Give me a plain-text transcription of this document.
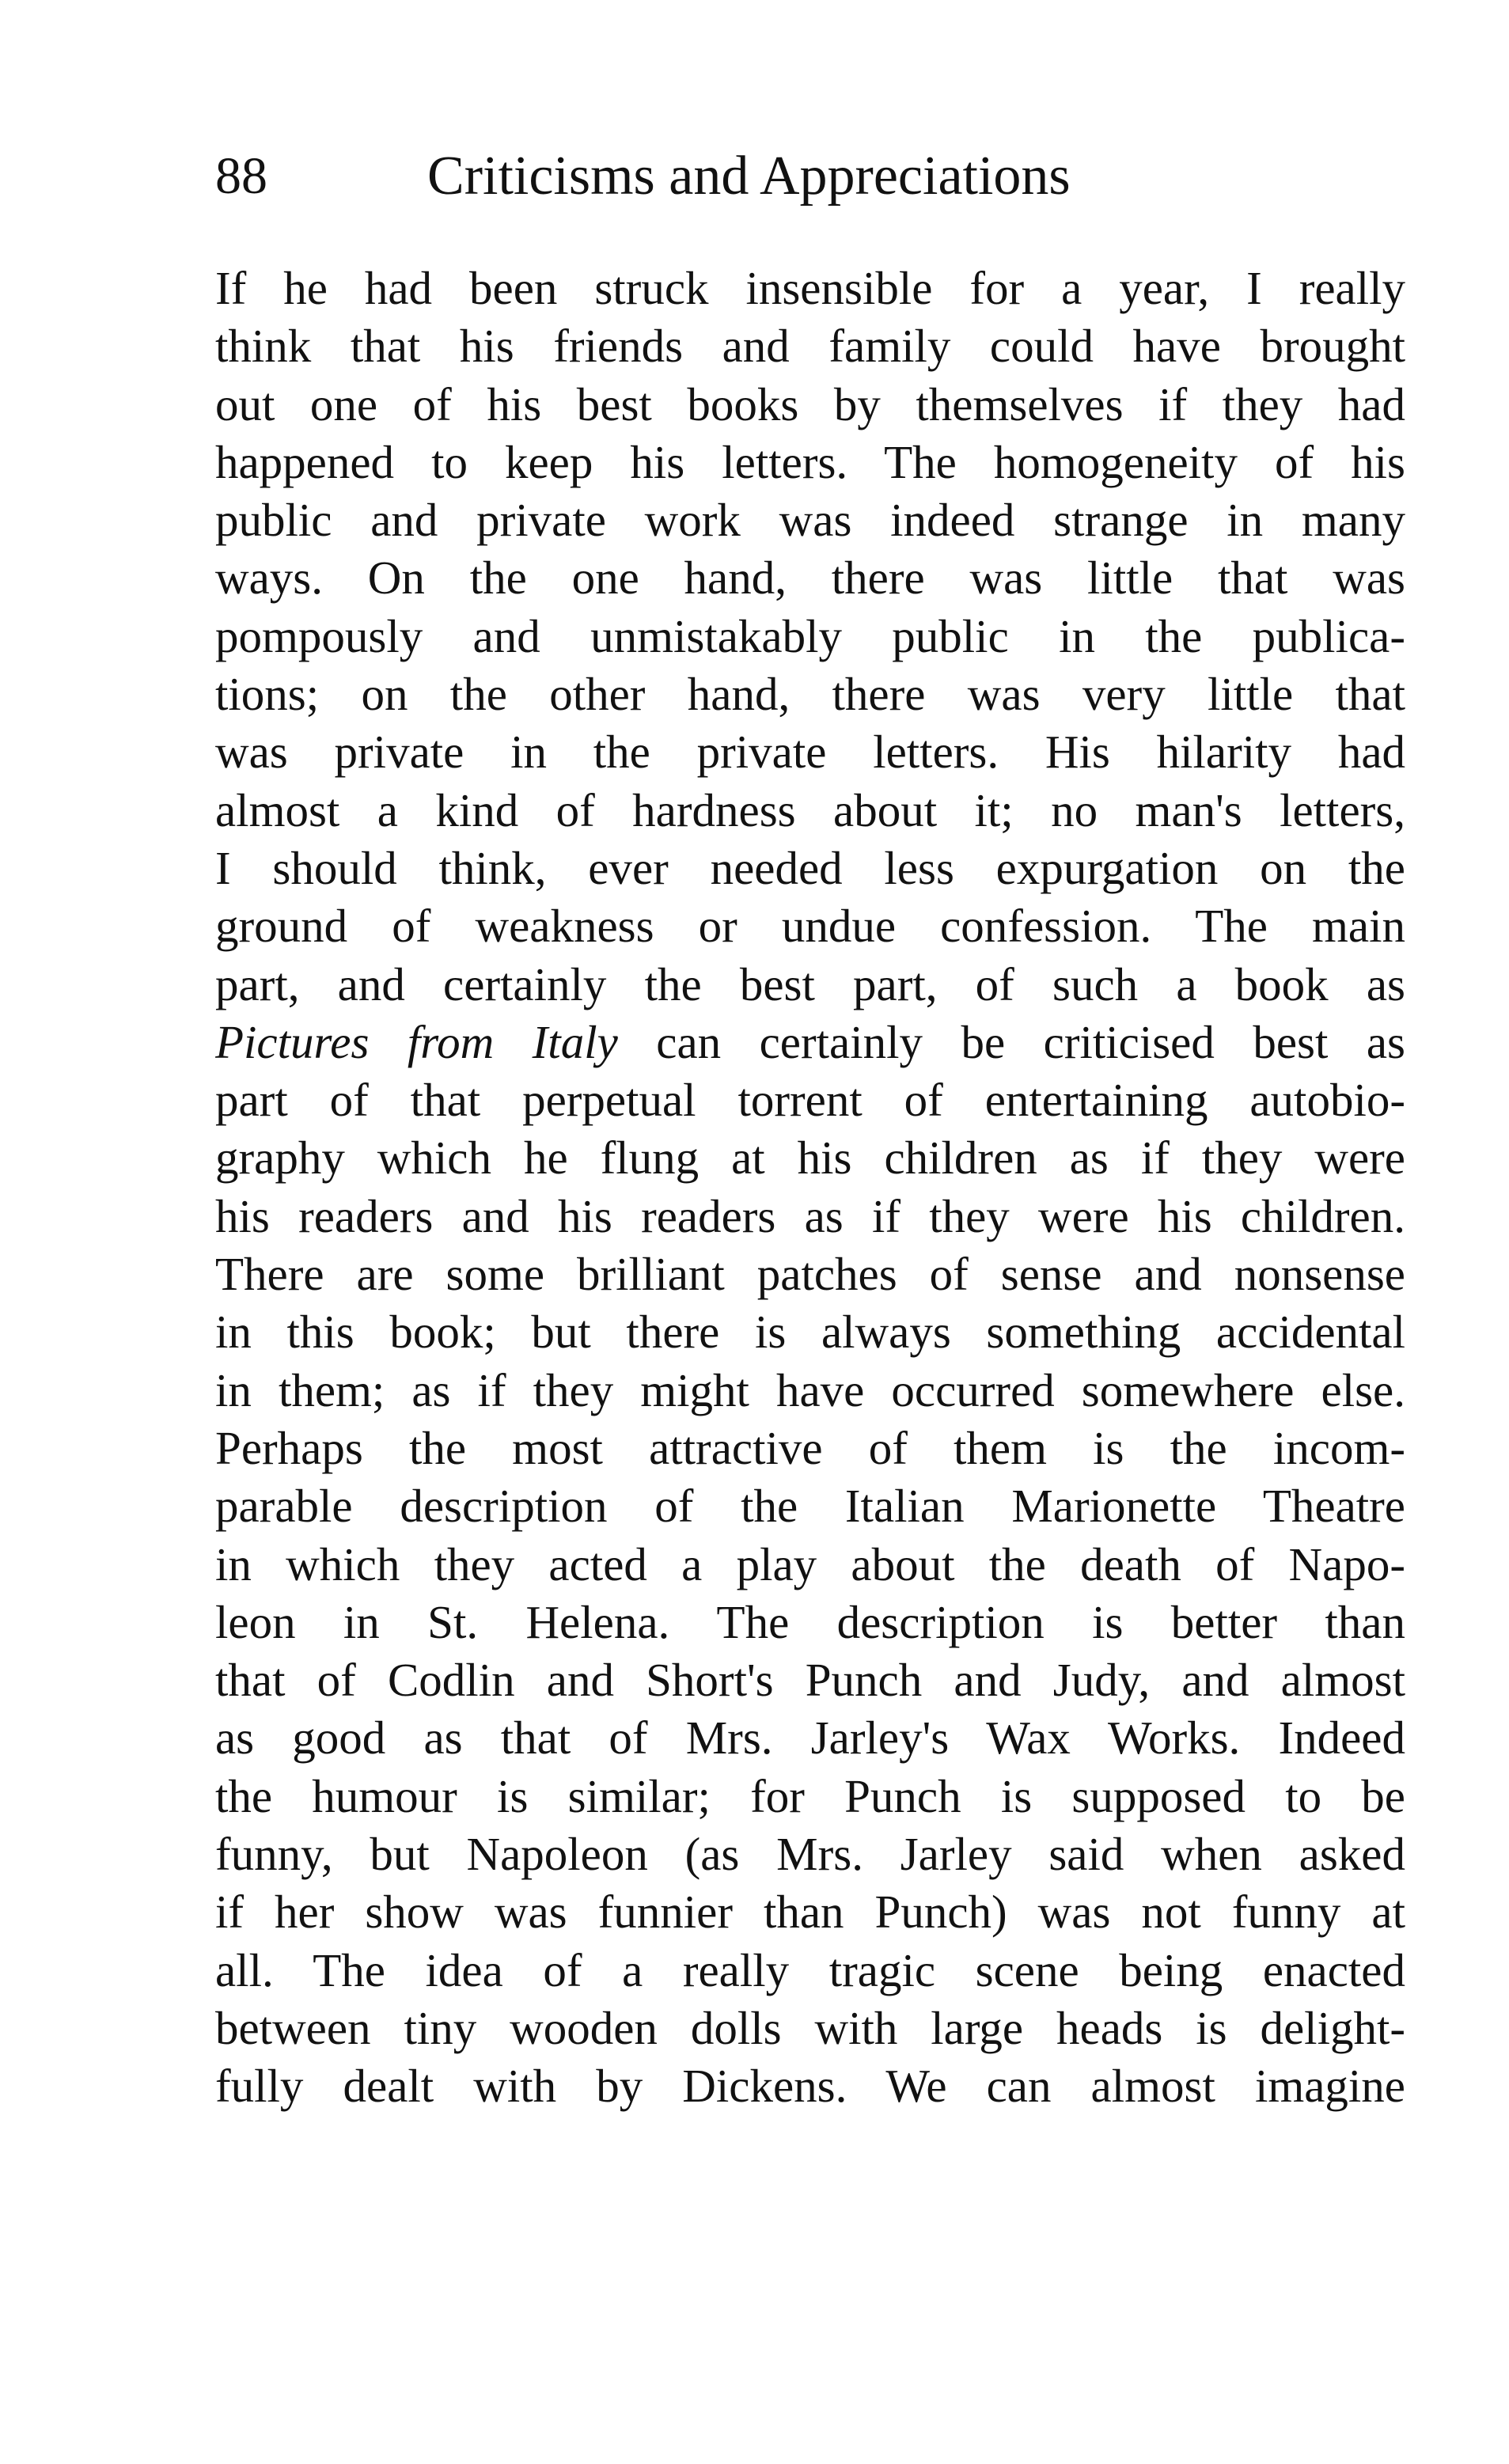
88	Criticisms and Appreciations
If he had been struck insensible for a year, I really
think that his friends and family could have brought
out one of his best books by themselves if they had
happened to keep his letters. The homogeneity of his
public and private work was indeed strange in many
ways. On the one hand, there was little that was
pompously and unmistakably public in the publica-
tions; on the other hand, there was very little that
was private in the private letters. His hilarity had
almost a kind of hardness about it; no man's letters,
I should think, ever needed less expurgation on the
ground of weakness or undue confession. The main
part, and certainly the best part, of such a book as
Pictures from Italy can certainly be criticised best as
part of that perpetual torrent of entertaining autobio-
graphy which he flung at his children as if they were
his readers and his readers as if they were his children.
There are some brilliant patches of sense and nonsense
in this book; but there is always something accidental
in them; as if they might have occurred somewhere else.
Perhaps the most attractive of them is the incom-
parable description of the Italian Marionette Theatre
in which they acted a play about the death of Napo-
leon in St. Helena. The description is better than
that of Codlin and Short's Punch and Judy, and almost
as good as that of Mrs. Jarley's Wax Works. Indeed
the humour is similar; for Punch is supposed to be
funny, but Napoleon (as Mrs. Jarley said when asked
if her show was funnier than Punch) was not funny at
all. The idea of a really tragic scene being enacted
between tiny wooden dolls with large heads is delight-
fully dealt with by Dickens. We can almost imagine
